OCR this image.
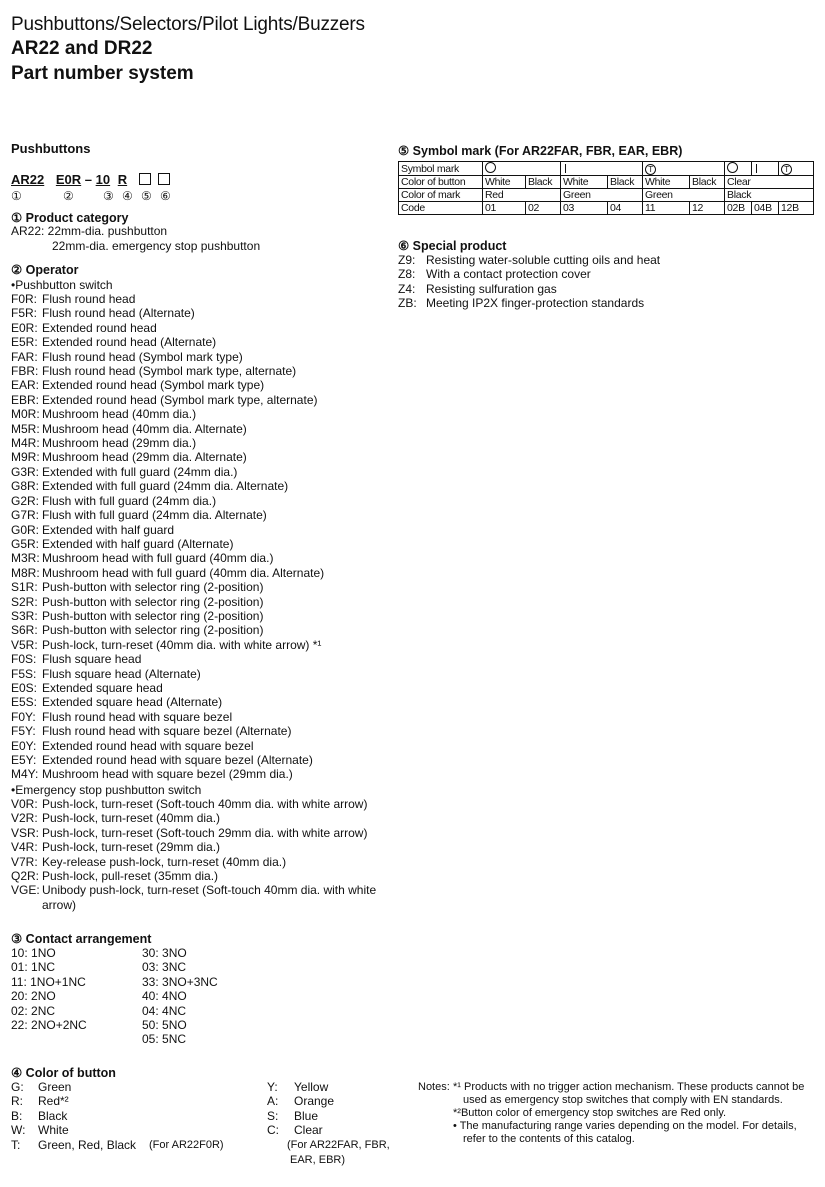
Pushbuttons/Selectors/Pilot Lights/Buzzers
AR22 and DR22
Part number system
Pushbuttons
AR22 E0R – 10 R
①	② ③ ④ ⑤ ⑥
① Product category
AR22: 22mm-dia. pushbutton
22mm-dia. emergency stop pushbutton
② Operator
•Pushbutton switch
F0R: Flush round head
F5R: Flush round head (Alternate)
E0R: Extended round head
E5R: Extended round head (Alternate)
FAR: Flush round head (Symbol mark type)
FBR: Flush round head (Symbol mark type, alternate)
EAR: Extended round head (Symbol mark type)
EBR: Extended round head (Symbol mark type, alternate)
M0R: Mushroom head (40mm dia.)
M5R: Mushroom head (40mm dia. Alternate)
M4R: Mushroom head (29mm dia.)
M9R: Mushroom head (29mm dia. Alternate)
G3R: Extended with full guard (24mm dia.)
G8R: Extended with full guard (24mm dia. Alternate)
G2R: Flush with full guard (24mm dia.)
G7R: Flush with full guard (24mm dia. Alternate)
G0R: Extended with half guard
G5R: Extended with half guard (Alternate)
M3R: Mushroom head with full guard (40mm dia.)
M8R: Mushroom head with full guard (40mm dia. Alternate)
S1R: Push-button with selector ring (2-position)
S2R: Push-button with selector ring (2-position)
S3R: Push-button with selector ring (2-position)
S6R: Push-button with selector ring (2-position)
V5R: Push-lock, turn-reset (40mm dia. with white arrow) *¹
F0S: Flush square head
F5S: Flush square head (Alternate)
E0S: Extended square head
E5S: Extended square head (Alternate)
F0Y: Flush round head with square bezel
F5Y: Flush round head with square bezel (Alternate)
E0Y: Extended round head with square bezel
E5Y: Extended round head with square bezel (Alternate)
M4Y: Mushroom head with square bezel (29mm dia.)
•Emergency stop pushbutton switch
V0R: Push-lock, turn-reset (Soft-touch 40mm dia. with white arrow)
V2R: Push-lock, turn-reset (40mm dia.)
VSR: Push-lock, turn-reset (Soft-touch 29mm dia. with white arrow)
V4R: Push-lock, turn-reset (29mm dia.)
V7R: Key-release push-lock, turn-reset (40mm dia.)
Q2R: Push-lock, pull-reset (35mm dia.)
VGE: Unibody push-lock, turn-reset (Soft-touch 40mm dia. with white
arrow)
③ Contact arrangement
10: 1NO
01: 1NC
11: 1NO+1NC
20: 2NO
02: 2NC
22: 2NO+2NC
30: 3NO
03: 3NC
33: 3NO+3NC
40: 4NO
04: 4NC
50: 5NO
05: 5NC
④ Color of button
G: Green
R: Red*²
B: Black
W: White
T: Green, Red, Black (For AR22F0R)
Y: Yellow
A: Orange
S: Blue
C: Clear
(For AR22FAR, FBR,
EAR, EBR)
⑤ Symbol mark (For AR22FAR, FBR, EAR, EBR)
Symbol mark					T				T
Color of button	White	Black	White	Black	White	Black	Clear		
Color of mark	Red		Green		Green		Black		
Code	01	02	03	04	11	12	02B	04B	12B
⑥ Special product
Z9: Resisting water-soluble cutting oils and heat
Z8: With a contact protection cover
Z4: Resisting sulfuration gas
ZB: Meeting IP2X finger-protection standards
Notes: *¹ Products with no trigger action mechanism. These products cannot be
used as emergency stop switches that comply with EN standards.
*²Button color of emergency stop switches are Red only.
• The manufacturing range varies depending on the model. For details,
refer to the contents of this catalog.
